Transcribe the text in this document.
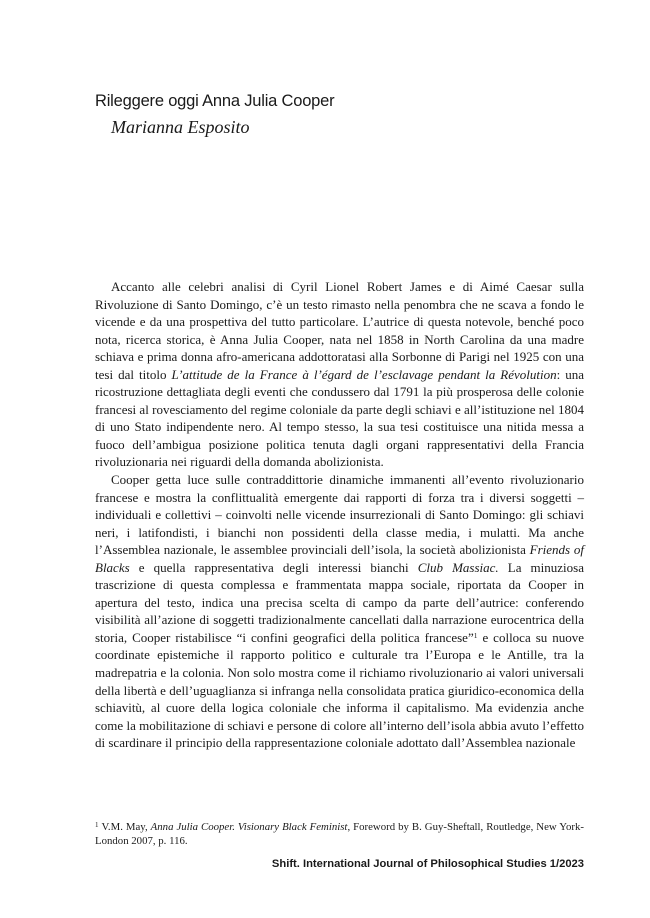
Rileggere oggi Anna Julia Cooper
Marianna Esposito

Accanto alle celebri analisi di Cyril Lionel Robert James e di Aimé Caesar sulla Rivoluzione di Santo Domingo, c’è un testo rimasto nella penombra che ne scava a fondo le vicende e da una prospettiva del tutto particolare. L’autrice di questa notevole, benché poco nota, ricerca storica, è Anna Julia Cooper, nata nel 1858 in North Carolina da una madre schiava e prima donna afro-americana addottoratasi alla Sorbonne di Parigi nel 1925 con una tesi dal titolo L’attitude de la France à l’égard de l’esclavage pendant la Révolution: una ricostruzione dettagliata degli eventi che condussero dal 1791 la più prosperosa delle colonie francesi al rovesciamento del regime coloniale da parte degli schiavi e all’istituzione nel 1804 di uno Stato indipendente nero. Al tempo stesso, la sua tesi costituisce una nitida messa a fuoco dell’ambigua posizione politica tenuta dagli organi rappresentativi della Francia rivoluzionaria nei riguardi della domanda abolizionista.

Cooper getta luce sulle contraddittorie dinamiche immanenti all’evento rivoluzionario francese e mostra la conflittualità emergente dai rapporti di forza tra i diversi soggetti – individuali e collettivi – coinvolti nelle vicende insurrezionali di Santo Domingo: gli schiavi neri, i latifondisti, i bianchi non possidenti della classe media, i mulatti. Ma anche l’Assemblea nazionale, le assemblee provinciali dell’isola, la società abolizionista Friends of Blacks e quella rappresentativa degli interessi bianchi Club Massiac. La minuziosa trascrizione di questa complessa e frammentata mappa sociale, riportata da Cooper in apertura del testo, indica una precisa scelta di campo da parte dell’autrice: conferendo visibilità all’azione di soggetti tradizionalmente cancellati dalla narrazione eurocentrica della storia, Cooper ristabilisce “i confini geografici della politica francese”$^1$ e colloca su nuove coordinate epistemiche il rapporto politico e culturale tra l’Europa e le Antille, tra la madrepatria e la colonia. Non solo mostra come il richiamo rivoluzionario ai valori universali della libertà e dell’uguaglianza si infranga nella consolidata pratica giuridico-economica della schiavitù, al cuore della logica coloniale che informa il capitalismo. Ma evidenzia anche come la mobilitazione di schiavi e persone di colore all’interno dell’isola abbia avuto l’effetto di scardinare il principio della rappresentazione coloniale adottato dall’Assemblea nazionale

$^1$ V.M. May, Anna Julia Cooper. Visionary Black Feminist, Foreword by B. Guy-Sheftall, Routledge, New York-London 2007, p. 116.
Shift. International Journal of Philosophical Studies 1/2023
